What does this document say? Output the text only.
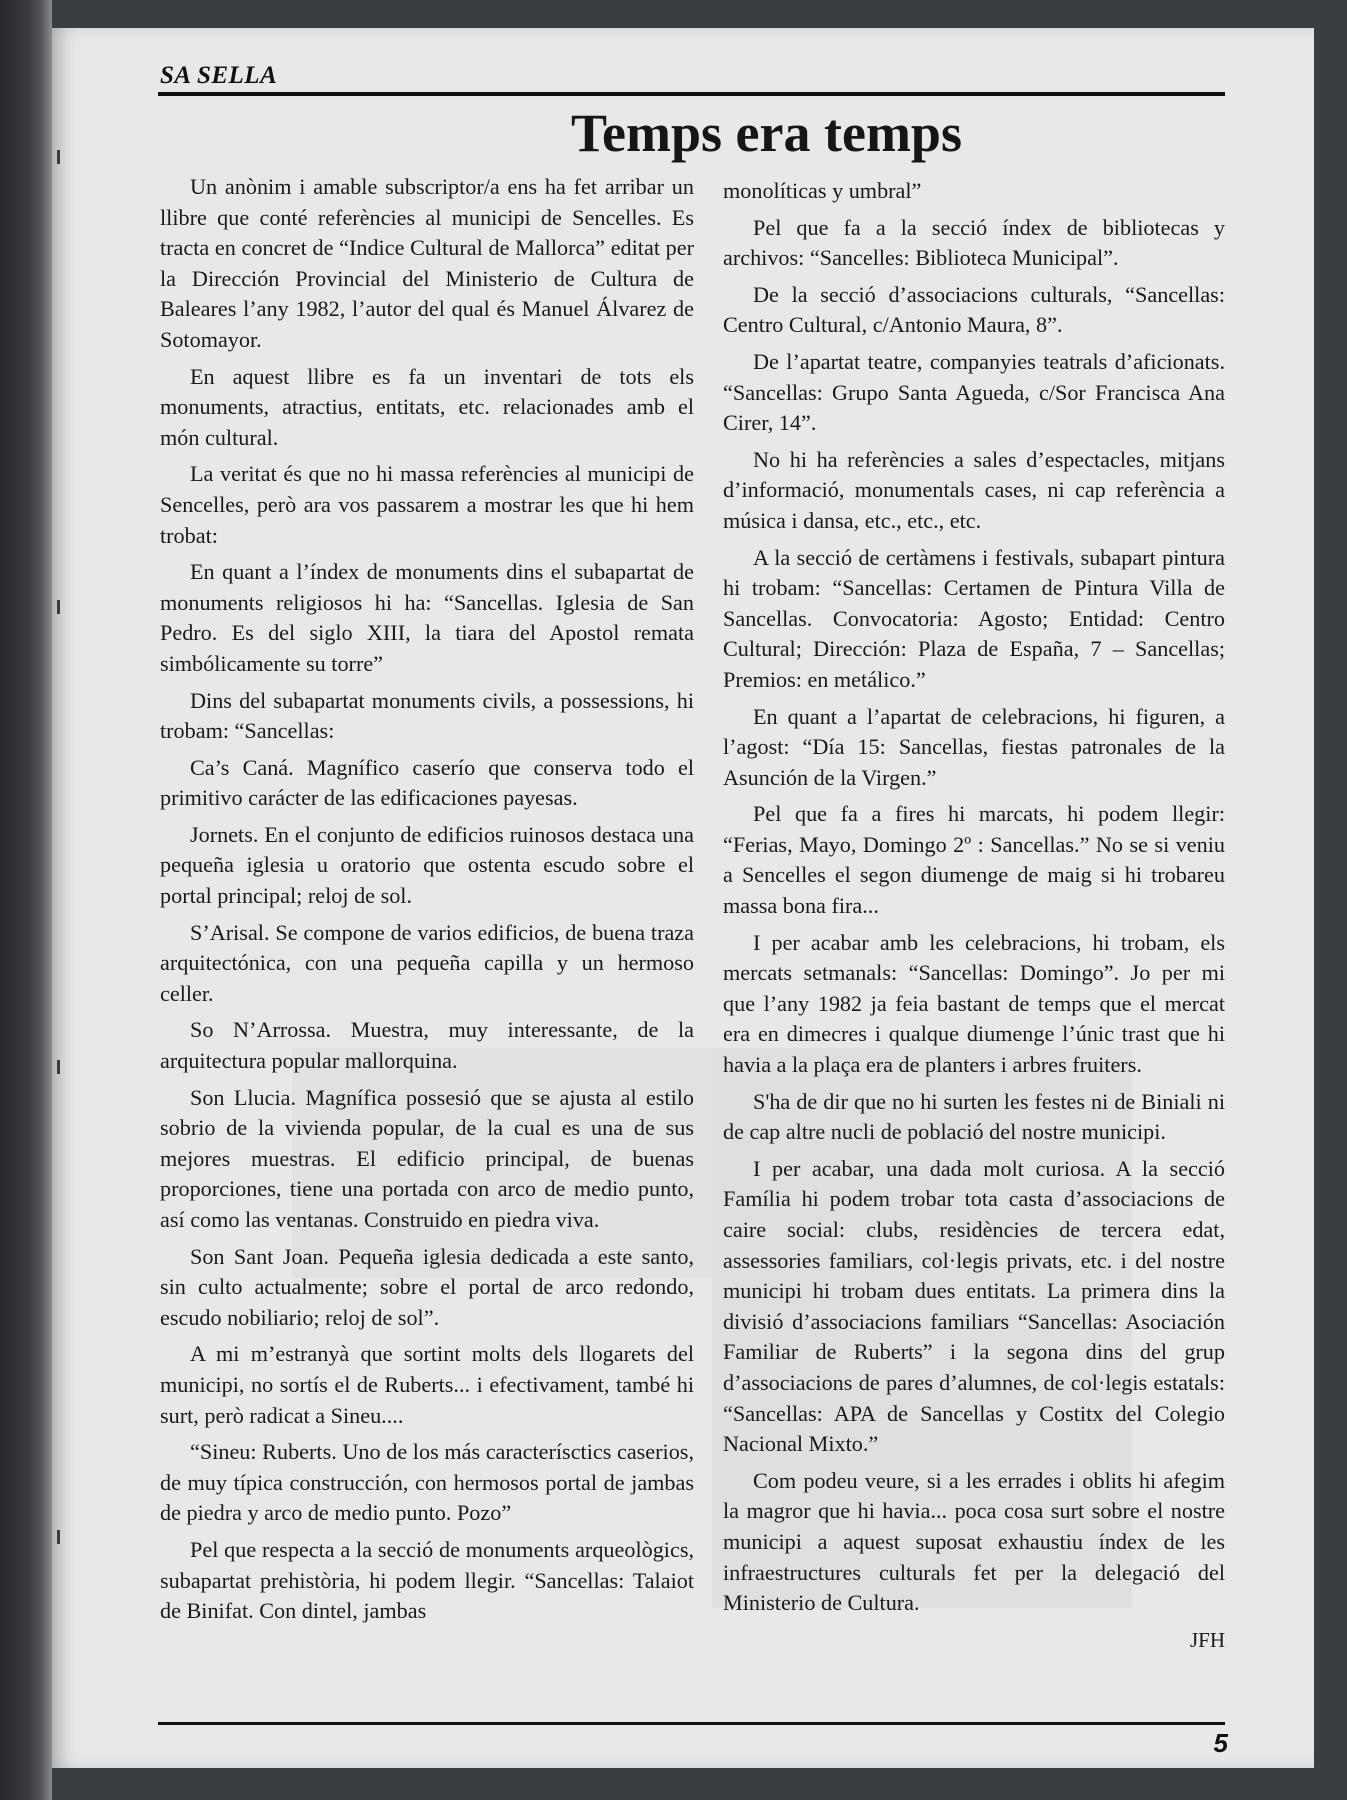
SA SELLA
Temps era temps

Un anònim i amable subscriptor/a ens ha fet arribar un llibre que conté referències al municipi de Sencelles. Es tracta en concret de “Indice Cultural de Mallorca” editat per la Dirección Provincial del Ministerio de Cultura de Baleares l’any 1982, l’autor del qual és Manuel Álvarez de Sotomayor.

En aquest llibre es fa un inventari de tots els monuments, atractius, entitats, etc. relacionades amb el món cultural.

La veritat és que no hi massa referències al municipi de Sencelles, però ara vos passarem a mostrar les que hi hem trobat:

En quant a l’índex de monuments dins el subapartat de monuments religiosos hi ha: “Sancellas. Iglesia de San Pedro. Es del siglo XIII, la tiara del Apostol remata simbólicamente su torre”

Dins del subapartat monuments civils, a possessions, hi trobam: “Sancellas:

Ca’s Caná. Magnífico caserío que conserva todo el primitivo carácter de las edificaciones payesas.

Jornets. En el conjunto de edificios ruinosos destaca una pequeña iglesia u oratorio que ostenta escudo sobre el portal principal; reloj de sol.

S’Arisal. Se compone de varios edificios, de buena traza arquitectónica, con una pequeña capilla y un hermoso celler.

So N’Arrossa. Muestra, muy interessante, de la arquitectura popular mallorquina.

Son Llucia. Magnífica possesió que se ajusta al estilo sobrio de la vivienda popular, de la cual es una de sus mejores muestras. El edificio principal, de buenas proporciones, tiene una portada con arco de medio punto, así como las ventanas. Construido en piedra viva.

Son Sant Joan. Pequeña iglesia dedicada a este santo, sin culto actualmente; sobre el portal de arco redondo, escudo nobiliario; reloj de sol”.

A mi m’estranyà que sortint molts dels llogarets del municipi, no sortís el de Ruberts... i efectivament, també hi surt, però radicat a Sineu....

“Sineu: Ruberts. Uno de los más caracterísctics caserios, de muy típica construcción, con hermosos portal de jambas de piedra y arco de medio punto. Pozo”

Pel que respecta a la secció de monuments arqueològics, subapartat prehistòria, hi podem llegir. “Sancellas: Talaiot de Binifat. Con dintel, jambas

monolíticas y umbral”

Pel que fa a la secció índex de bibliotecas y archivos: “Sancelles: Biblioteca Municipal”.

De la secció d’associacions culturals, “Sancellas: Centro Cultural, c/Antonio Maura, 8”.

De l’apartat teatre, companyies teatrals d’aficionats. “Sancellas: Grupo Santa Agueda, c/Sor Francisca Ana Cirer, 14”.

No hi ha referències a sales d’espectacles, mitjans d’informació, monumentals cases, ni cap referència a música i dansa, etc., etc., etc.

A la secció de certàmens i festivals, subapart pintura hi trobam: “Sancellas: Certamen de Pintura Villa de Sancellas. Convocatoria: Agosto; Entidad: Centro Cultural; Dirección: Plaza de España, 7 – Sancellas; Premios: en metálico.”

En quant a l’apartat de celebracions, hi figuren, a l’agost: “Día 15: Sancellas, fiestas patronales de la Asunción de la Virgen.”

Pel que fa a fires hi marcats, hi podem llegir: “Ferias, Mayo, Domingo 2º : Sancellas.” No se si veniu a Sencelles el segon diumenge de maig si hi trobareu massa bona fira...

I per acabar amb les celebracions, hi trobam, els mercats setmanals: “Sancellas: Domingo”. Jo per mi que l’any 1982 ja feia bastant de temps que el mercat era en dimecres i qualque diumenge l’únic trast que hi havia a la plaça era de planters i arbres fruiters.

S'ha de dir que no hi surten les festes ni de Biniali ni de cap altre nucli de població del nostre municipi.

I per acabar, una dada molt curiosa. A la secció Família hi podem trobar tota casta d’associacions de caire social: clubs, residències de tercera edat, assessories familiars, col·legis privats, etc. i del nostre municipi hi trobam dues entitats. La primera dins la divisió d’associacions familiars “Sancellas: Asociación Familiar de Ruberts” i la segona dins del grup d’associacions de pares d’alumnes, de col·legis estatals: “Sancellas: APA de Sancellas y Costitx del Colegio Nacional Mixto.”

Com podeu veure, si a les errades i oblits hi afegim la magror que hi havia... poca cosa surt sobre el nostre municipi a aquest suposat exhaustiu índex de les infraestructures culturals fet per la delegació del Ministerio de Cultura.

JFH

5
